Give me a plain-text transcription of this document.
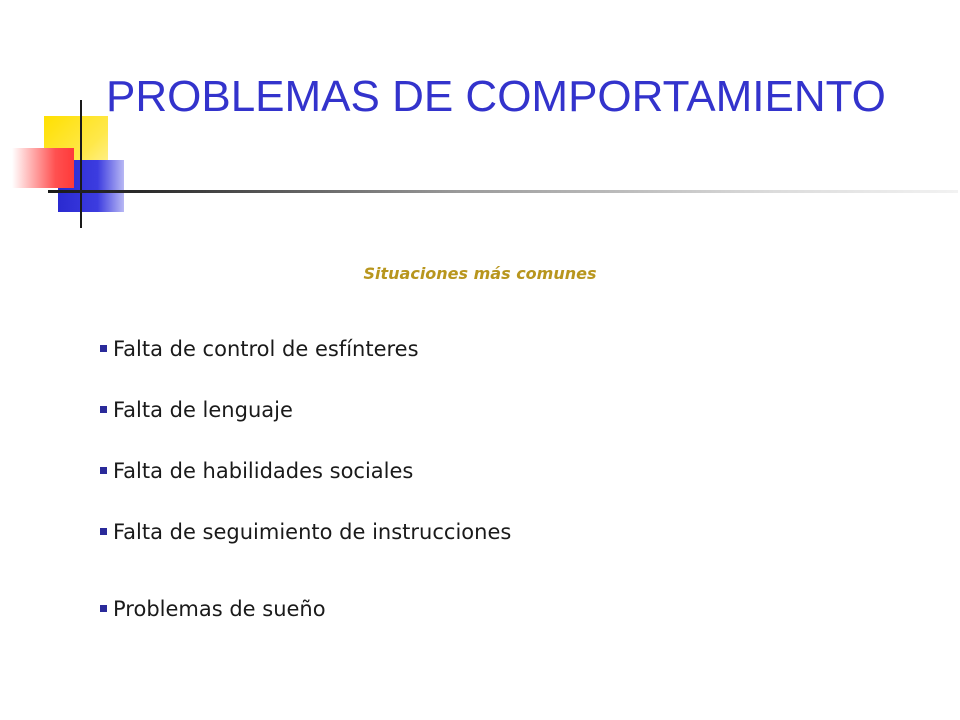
PROBLEMAS DE COMPORTAMIENTO
Situaciones más comunes
Falta de control de esfínteres
Falta de lenguaje
Falta de habilidades sociales
Falta de seguimiento de instrucciones
Problemas de sueño
